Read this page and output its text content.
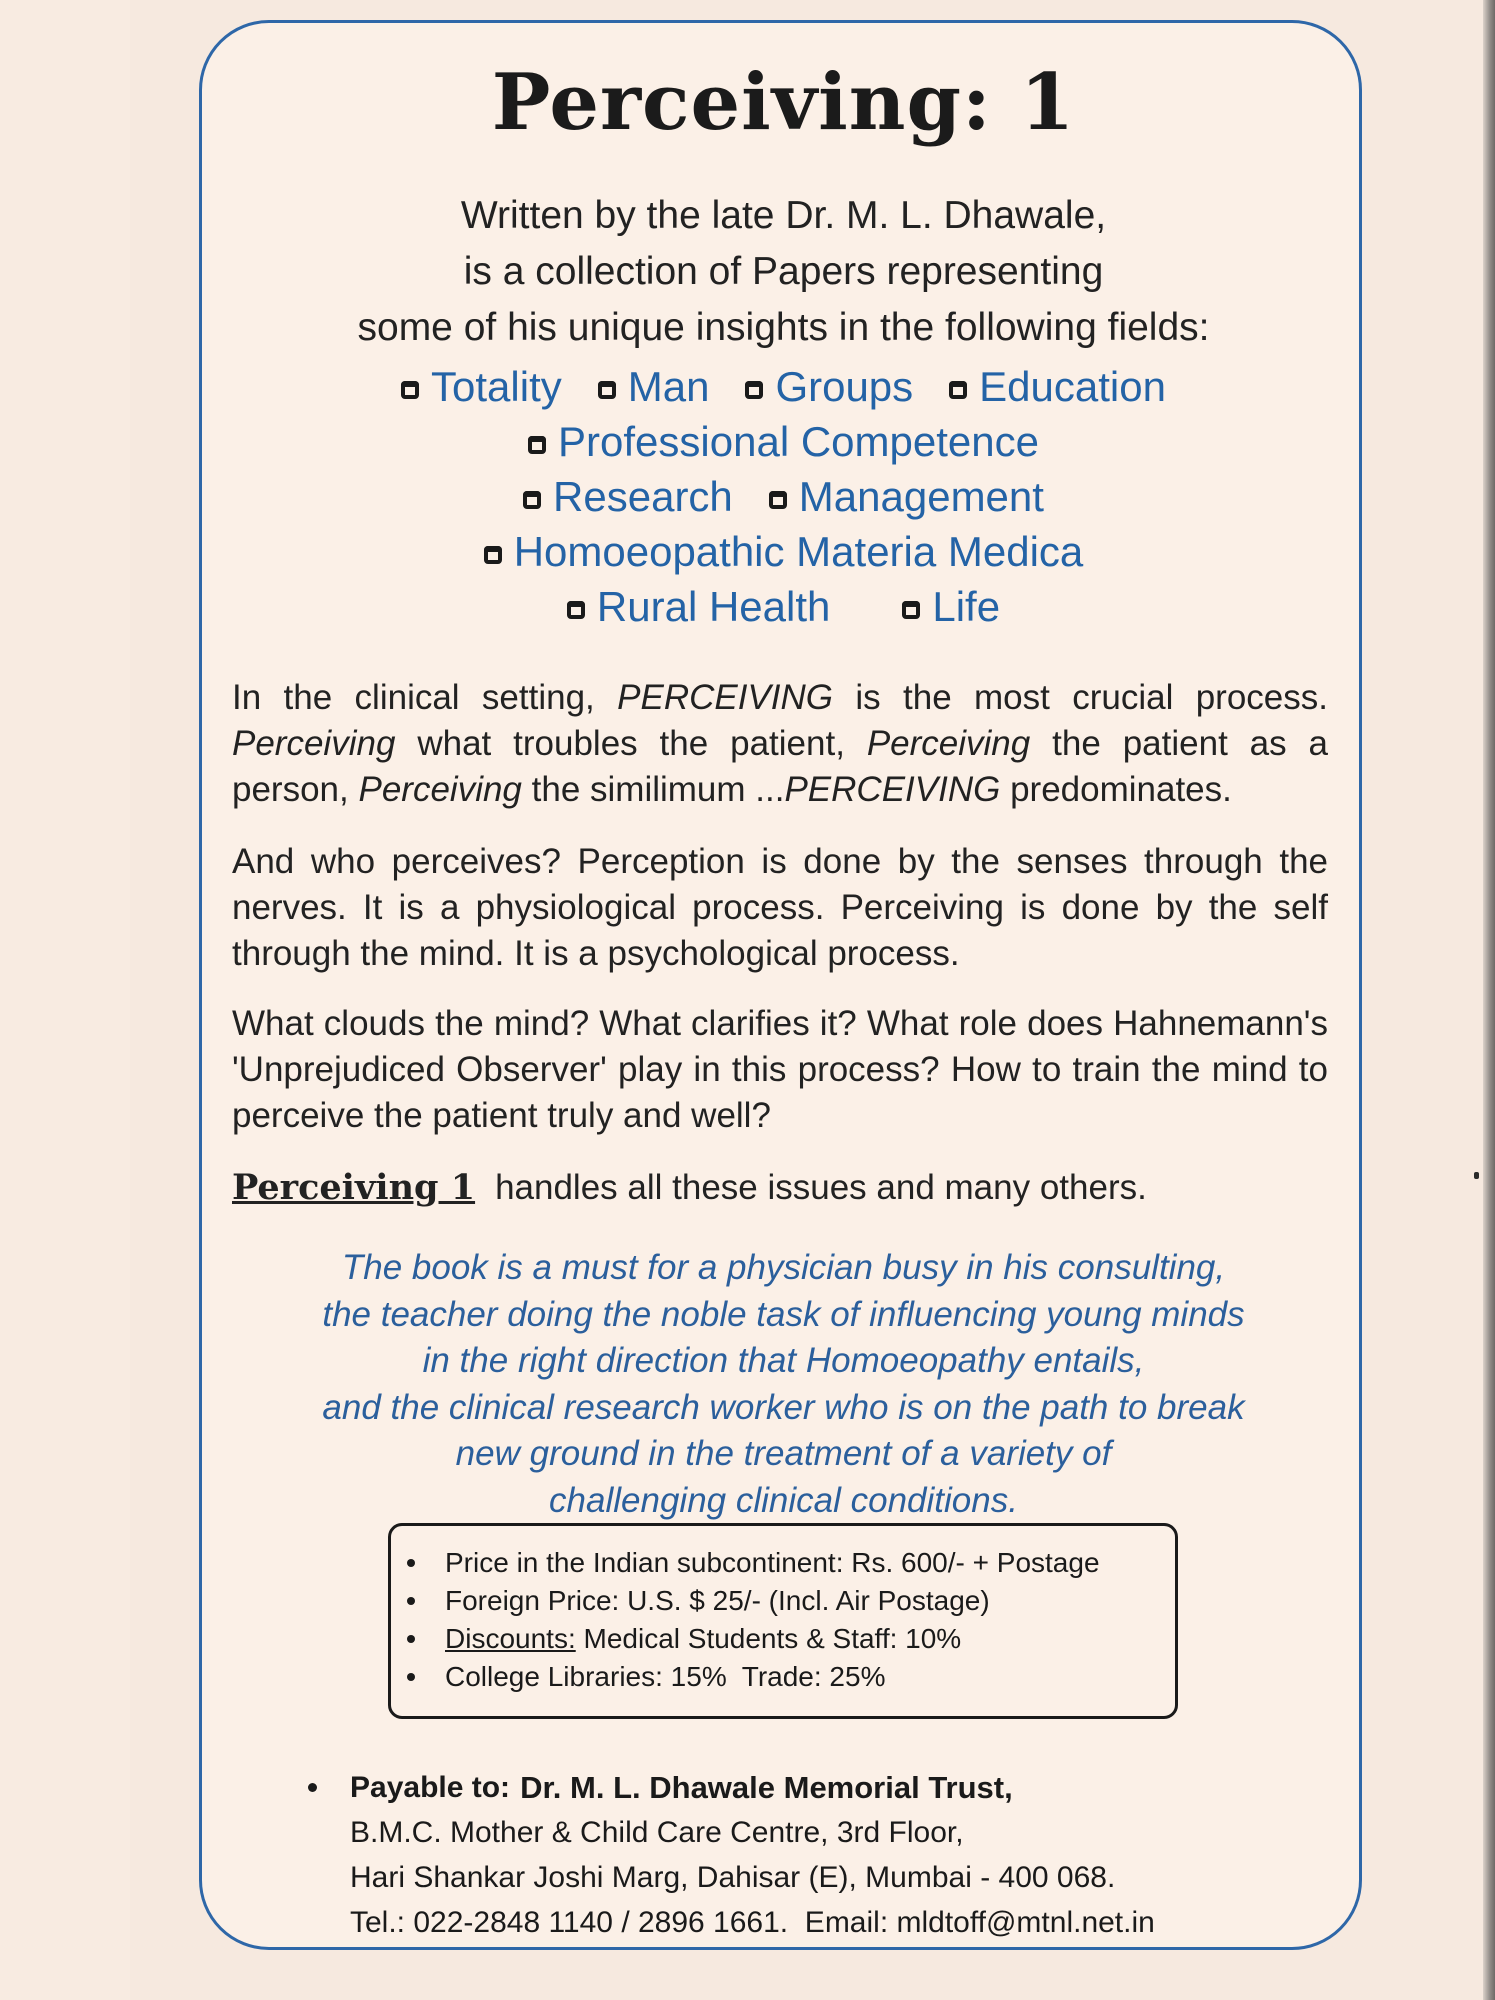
Perceiving: 1
Written by the late Dr. M. L. Dhawale,
is a collection of Papers representing
some of his unique insights in the following fields:
Totality Man Groups Education
Professional Competence
Research Management
Homoeopathic Materia Medica
Rural Health Life

In the clinical setting, PERCEIVING is the most crucial process. Perceiving what troubles the patient, Perceiving the patient as a person, Perceiving the similimum ...PERCEIVING predominates.

And who perceives? Perception is done by the senses through the nerves. It is a physiological process. Perceiving is done by the self through the mind. It is a psychological process.

What clouds the mind? What clarifies it? What role does Hahnemann's 'Unprejudiced Observer' play in this process? How to train the mind to perceive the patient truly and well?

Perceiving 1 handles all these issues and many others.

The book is a must for a physician busy in his consulting,
the teacher doing the noble task of influencing young minds
in the right direction that Homoeopathy entails,
and the clinical research worker who is on the path to break
new ground in the treatment of a variety of
challenging clinical conditions.
Price in the Indian subcontinent: Rs. 600/- + Postage
Foreign Price: U.S. $ 25/- (Incl. Air Postage)
Discounts:
Medical Students & Staff: 10%
College Libraries: 15%  Trade: 25%
Payable to: Dr. M. L. Dhawale Memorial Trust,
B.M.C. Mother & Child Care Centre, 3rd Floor,
Hari Shankar Joshi Marg, Dahisar (E), Mumbai - 400 068.
Tel.: 022-2848 1140 / 2896 1661.  Email: mldtoff@mtnl.net.in
